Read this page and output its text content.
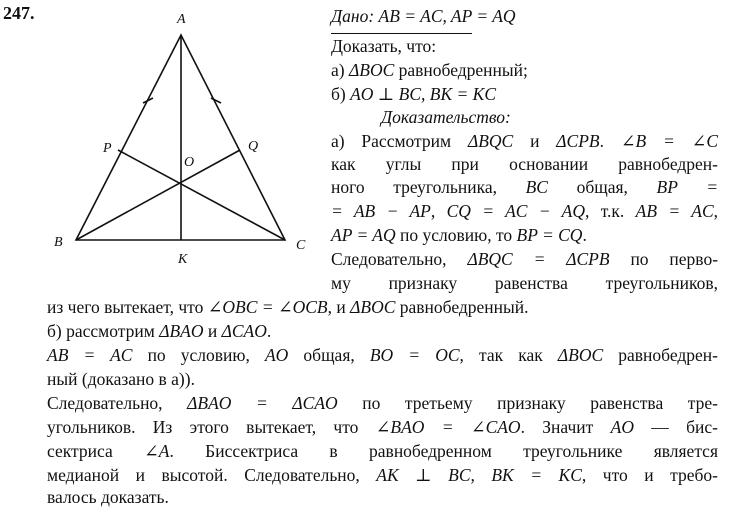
247.	A
B	C
K
O
P	Q
Дано: AB = AC, AP = AQ
Доказать, что:
а) ΔBOC равнобедренный;
б) AO ⊥ BC, BK = KC
Доказательство:
а) Рассмотрим ΔBQC и ΔCPB. ∠B = ∠C
как углы при основании равнобедрен-
ного треугольника, BC общая, BP =
= AB − AP, CQ = AC − AQ, т.к. AB = AC,
AP = AQ по условию, то BP = CQ.
Следовательно, ΔBQC = ΔCPB по перво-
му признаку равенства треугольников,
из чего вытекает, что ∠OBC = ∠OCB, и ΔBOC равнобедренный.
б) рассмотрим ΔBAO и ΔCAO.
AB = AC по условию, AO общая, BO = OC, так как ΔBOC равнобедрен-
ный (доказано в а)).
Следовательно, ΔBAO = ΔCAO по третьему признаку равенства тре-
угольников. Из этого вытекает, что ∠BAO = ∠CAO. Значит AO — бис-
сектриса ∠A. Биссектриса в равнобедренном треугольнике является
медианой и высотой. Следовательно, AK ⊥ BC, BK = KC, что и требо-
валось доказать.
